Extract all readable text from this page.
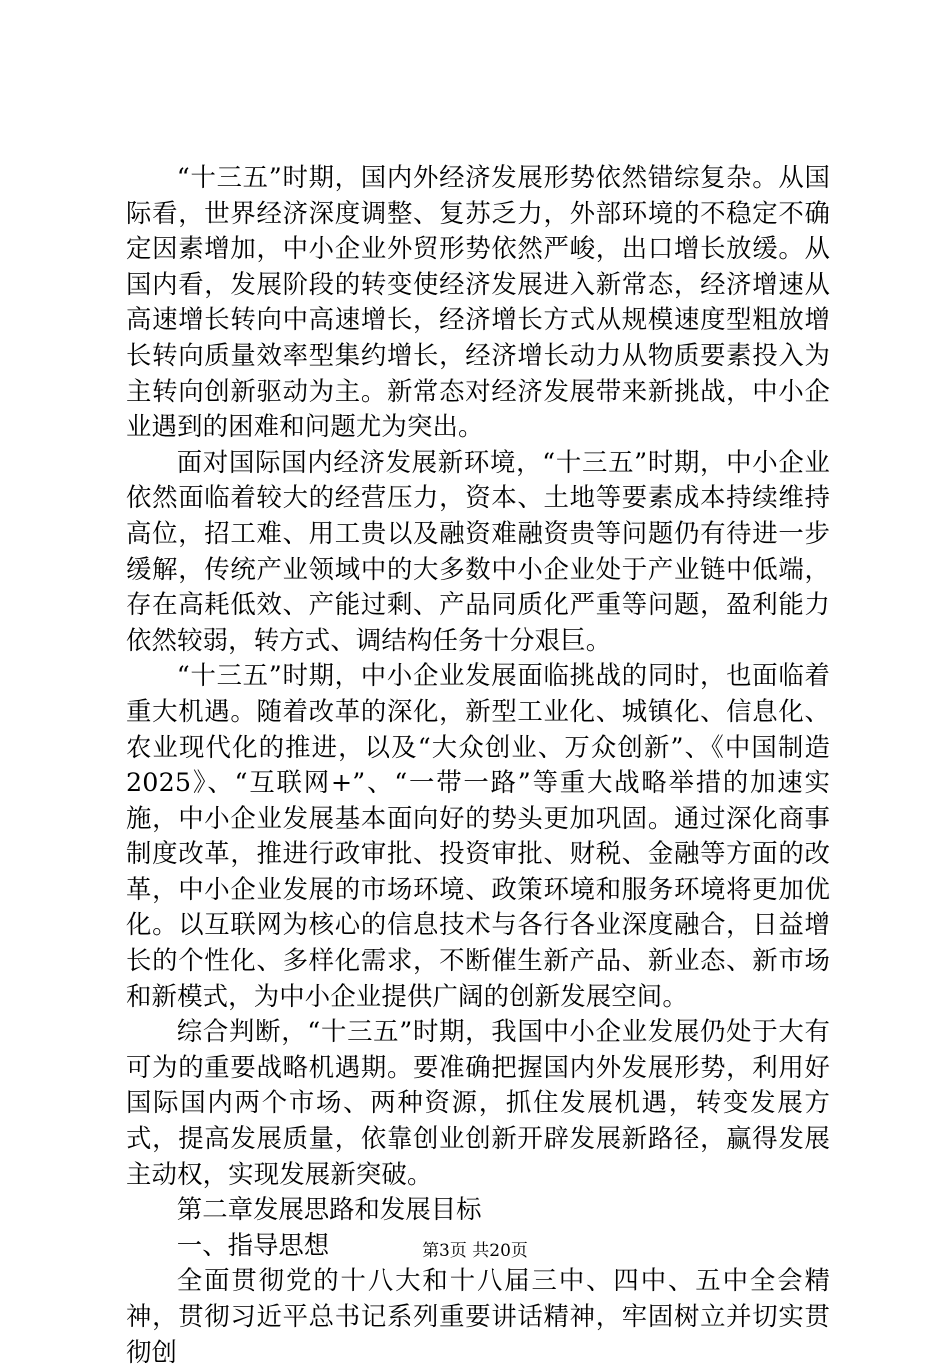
“十三五”时期，国内外经济发展形势依然错综复杂。从国际看，世界经济深度调整、复苏乏力，外部环境的不稳定不确定因素增加，中小企业外贸形势依然严峻，出口增长放缓。从国内看，发展阶段的转变使经济发展进入新常态，经济增速从高速增长转向中高速增长，经济增长方式从规模速度型粗放增长转向质量效率型集约增长，经济增长动力从物质要素投入为主转向创新驱动为主。新常态对经济发展带来新挑战，中小企业遇到的困难和问题尤为突出。

面对国际国内经济发展新环境，“十三五”时期，中小企业依然面临着较大的经营压力，资本、土地等要素成本持续维持高位，招工难、用工贵以及融资难融资贵等问题仍有待进一步缓解，传统产业领域中的大多数中小企业处于产业链中低端，存在高耗低效、产能过剩、产品同质化严重等问题，盈利能力依然较弱，转方式、调结构任务十分艰巨。

“十三五”时期，中小企业发展面临挑战的同时，也面临着重大机遇。随着改革的深化，新型工业化、城镇化、信息化、农业现代化的推进，以及“大众创业、万众创新”、《中国制造2025》、“互联网+”、“一带一路”等重大战略举措的加速实施，中小企业发展基本面向好的势头更加巩固。通过深化商事制度改革，推进行政审批、投资审批、财税、金融等方面的改革，中小企业发展的市场环境、政策环境和服务环境将更加优化。以互联网为核心的信息技术与各行各业深度融合，日益增长的个性化、多样化需求，不断催生新产品、新业态、新市场和新模式，为中小企业提供广阔的创新发展空间。

综合判断，“十三五”时期，我国中小企业发展仍处于大有可为的重要战略机遇期。要准确把握国内外发展形势，利用好国际国内两个市场、两种资源，抓住发展机遇，转变发展方式，提高发展质量，依靠创业创新开辟发展新路径，赢得发展主动权，实现发展新突破。

第二章发展思路和发展目标

一、指导思想

全面贯彻党的十八大和十八届三中、四中、五中全会精神，贯彻习近平总书记系列重要讲话精神，牢固树立并切实贯彻创

第3页 共20页
